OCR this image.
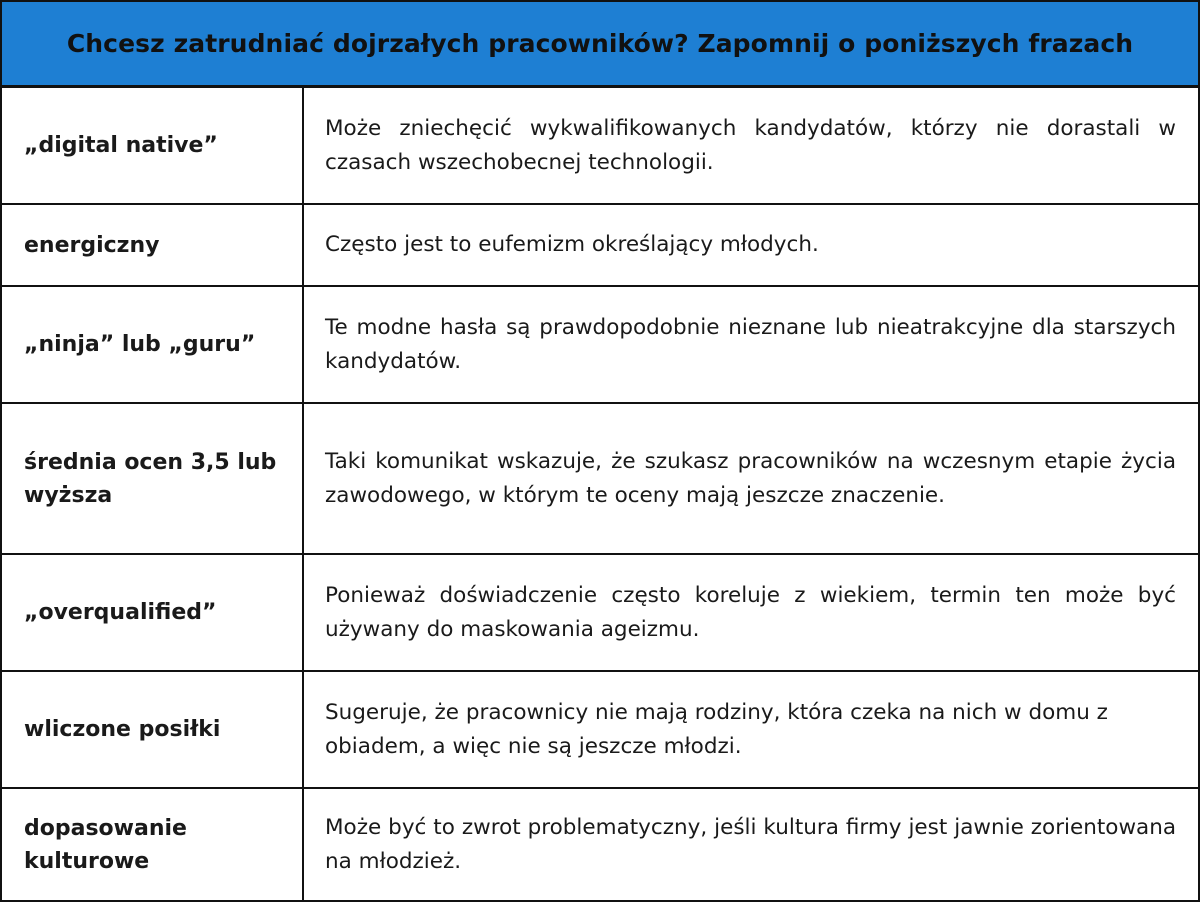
Chcesz zatrudniać dojrzałych pracowników? Zapomnij o poniższych frazach
„digital native”	Może zniechęcić wykwalifikowanych kandydatów, którzy nie dorastali w czasach wszechobecnej technologii.
energiczny	Często jest to eufemizm określający młodych.
„ninja” lub „guru”	Te modne hasła są prawdopodobnie nieznane lub nieatrakcyjne dla starszych kandydatów.
średnia ocen 3,5 lub wyższa	Taki komunikat wskazuje, że szukasz pracowników na wczesnym etapie życia zawodowego, w którym te oceny mają jeszcze znaczenie.
„overqualified”	Ponieważ doświadczenie często koreluje z wiekiem, termin ten może być używany do maskowania ageizmu.
wliczone posiłki	Sugeruje, że pracownicy nie mają rodziny, która czeka na nich w domu z obiadem, a więc nie są jeszcze młodzi.
dopasowanie kulturowe	Może być to zwrot problematyczny, jeśli kultura firmy jest jawnie zorientowana na młodzież.
